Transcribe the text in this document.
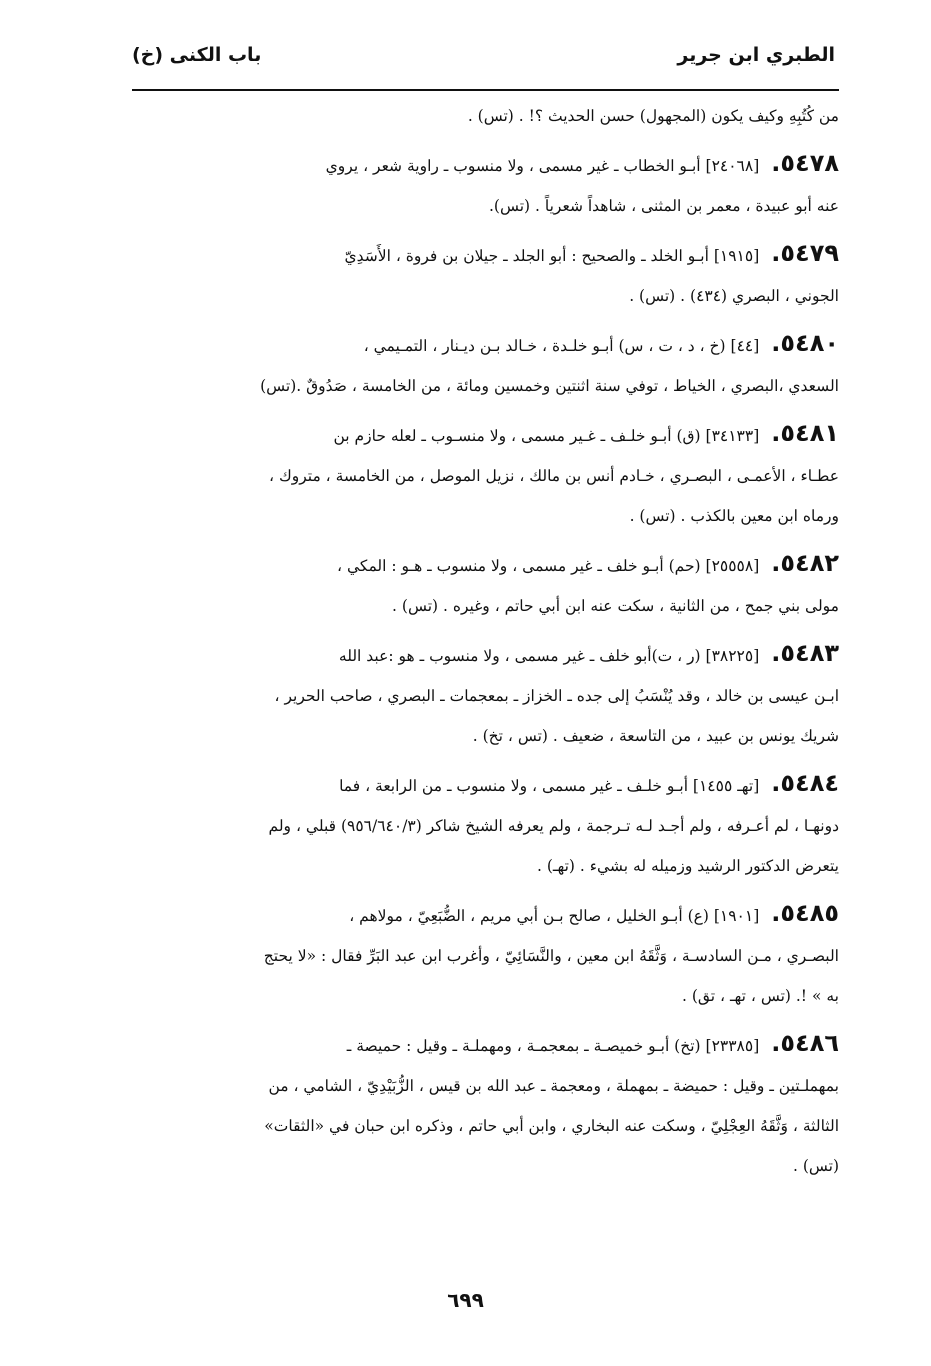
الطبري ابن جرير
باب الكنى (خ)
من كُتُبِهِ وكيف يكون (المجهول) حسن الحديث ؟! . (تس) .
٥٤٧٨.[٢٤٠٦٨] أبـو الخطاب ـ غير مسمى ، ولا منسوب ـ راوية شعر ، يروي
عنه أبو عبيدة ، معمر بن المثنى ، شاهداً شعرياً . (تس).
٥٤٧٩.[١٩١٥] أبـو الخلد ـ والصحيح : أبو الجلد ـ جيلان بن فروة ، الأَسَدِيّ
الجوني ، البصري (٤٣٤) . (تس) .
٥٤٨٠.[٤٤] (خ ، د ، ت ، س) أبـو خلـدة ، خـالد بـن ديـنار ، التمـيمي ،
السعدي ،البصري ، الخياط ، توفي سنة اثنتين وخمسين ومائة ، من الخامسة ، صَدُوقٌ .(تس)
٥٤٨١.[٣٤١٣٣] (ق) أبـو خلـف ـ غـير مسمى ، ولا منسـوب ـ لعله حازم بن
عطـاء ، الأعمـى ، البصـري ، خـادم أنس بن مالك ، نزيل الموصل ، من الخامسة ، متروك ،
ورماه ابن معين بالكذب . (تس) .
٥٤٨٢.[٢٥٥٥٨] (حم) أبـو خلف ـ غير مسمى ، ولا منسوب ـ هـو : المكي ،
مولى بني جمح ، من الثانية ، سكت عنه ابن أبي حاتم ، وغيره . (تس) .
٥٤٨٣.[٣٨٢٢٥] (ر ، ت)أبو خلف ـ غير مسمى ، ولا منسوب ـ هو :عبد الله
ابـن عيسى بن خالد ، وقد يُنْسَبُ إلى جده ـ الخزاز ـ بمعجمات ـ البصري ، صاحب الحرير ،
شريك يونس بن عبيد ، من التاسعة ، ضعيف . (تس ، تخ) .
٥٤٨٤.[تهـ ١٤٥٥] أبـو خلـف ـ غير مسمى ، ولا منسوب ـ من الرابعة ، فما
دونهـا ، لم أعـرفه ، ولم أجـد لـه تـرجمة ، ولم يعرفه الشيخ شاكر (٩٥٦/٦٤٠/٣) قبلي ، ولم
يتعرض الدكتور الرشيد وزميله له بشيء . (تهـ) .
٥٤٨٥.[١٩٠١] (ع) أبـو الخليل ، صالح بـن أبي مريم ، الضُّبَعِيّ ، مولاهم ،
البصـري ، مـن السادسـة ، وَثَّقَهُ ابن معين ، والنَّسَائِيّ ، وأغرب ابن عبد البَرِّ فقال : «لا يحتج
به » !. (تس ، تهـ ، تق) .
٥٤٨٦.[٢٣٣٨٥] (تخ) أبـو خميصـة ـ بمعجمـة ، ومهملـة ـ وقيل : حميصة ـ
بمهملـتين ـ وقيل : حميضة ـ بمهملة ، ومعجمة ـ عبد الله بن قيس ، الزُّبَيْدِيّ ، الشامي ، من
الثالثة ، وَثَّقَهُ العِجْلِيّ ، وسكت عنه البخاري ، وابن أبي حاتم ، وذكره ابن حبان في «الثقات»
(تس) .
٦٩٩
